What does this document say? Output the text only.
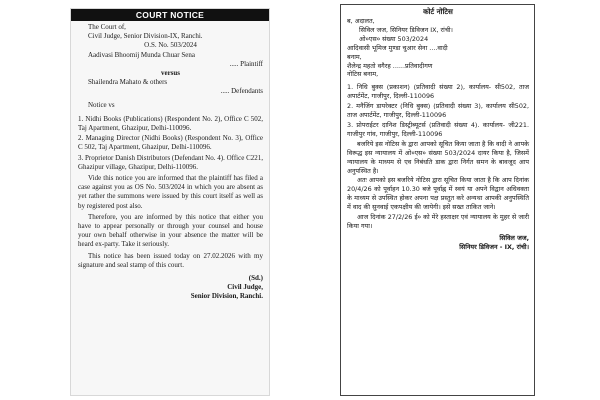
COURT NOTICE
The Court of,
Civil Judge, Senior Division-IX, Ranchi.
O.S. No. 503/2024
Aadivasi Bhoomij Munda Chuar Sena
..... Plaintiff
versus
Shailendra Mahato & others
..... Defendants
Notice vs
1. Nidhi Books (Publications) (Respondent No. 2), Office C 502, Taj Apartment, Ghazipur, Delhi-110096.
2. Managing Director (Nidhi Books) (Respondent No. 3), Office C 502, Taj Apartment, Ghazipur, Delhi-110096.
3. Proprietor Danish Distributors (Defendant No. 4). Office C221, Ghazipur village, Ghazipur, Delhi-110096.
Vide this notice you are informed that the plaintiff has filed a case against you as OS No. 503/2024 in which you are absent as yet rather the summons were issued by this court itself as well as by registered post also.
Therefore, you are informed by this notice that either you have to appear personally or through your counsel and house your own behalf otherwise in your absence the matter will be heard ex-party. Take it seriously.
This notice has been issued today on 27.02.2026 with my signature and seal stamp of this court.
(Sd.)
Civil Judge,
Senior Division, Ranchi.
कोर्ट नोटिस
ब, अदालत,
सिविल जज, सिनियर डिविजन IX, रांची।
ओ०एस० संख्या 503/2024
आदिवासी भूमिज मुण्डा चुआर सेना ....वादी
बनाम,
शैलेन्द्र महतो वगैरह ......प्रतिवादीगण
नोटिस बनाम,
1. निधि बुक्स (प्रकाशन) (प्रतिवादी संख्या 2), कार्यालय- सी502, ताज अपार्टमेंट, गाजीपुर, दिल्ली-110096
2. मनैजिंग डायरेक्टर (निधि बुक्स) (प्रतिवादी संख्या 3), कार्यालय सी502, ताज अपार्टमेंट, गाजीपुर, दिल्ली-110096
3. प्रोपराईटर दानिश डिस्ट्रीब्यूटर्स (प्रतिवादी संख्या 4). कार्यालय- जी221. गाजीपुर गांव, गाजीपुर, दिल्ली-110096
बजरिये इस नोटिस के द्वारा आपको सूचित किया जाता है कि वादी ने आपके विरूद्ध इस न्यायालय में ओ०एस० संख्या 503/2024 दायर किया है, जिसमें न्यायालय के माध्यम से एव निबंधति डाक द्वारा निर्गत समन के बावजूद आप अनुपस्थित है।
अतः आपको इस बजरिये नोटिस द्वारा सूचित किया जाता है कि आप दिनांक 20/4/26 को पूर्वाहन 10.30 बजे पूर्वाह्न में स्वयं या अपने विद्वान अधिवक्ता के माध्यम से उपस्थित होकर अपना पक्ष प्रस्तुत करे अन्यथा आपकी अनुपस्थिति में वाद की सुनवाई एकपक्षीय की जायेगी। इसे सख्त ताकित जाने।
आज दिनांक 27/2/26 ई० को मेरे हस्ताक्षर एवं न्यायालय के मुहर से जारी किया गया।
सिविल जज,
सिनियर डिविजन - IX, रांची।
